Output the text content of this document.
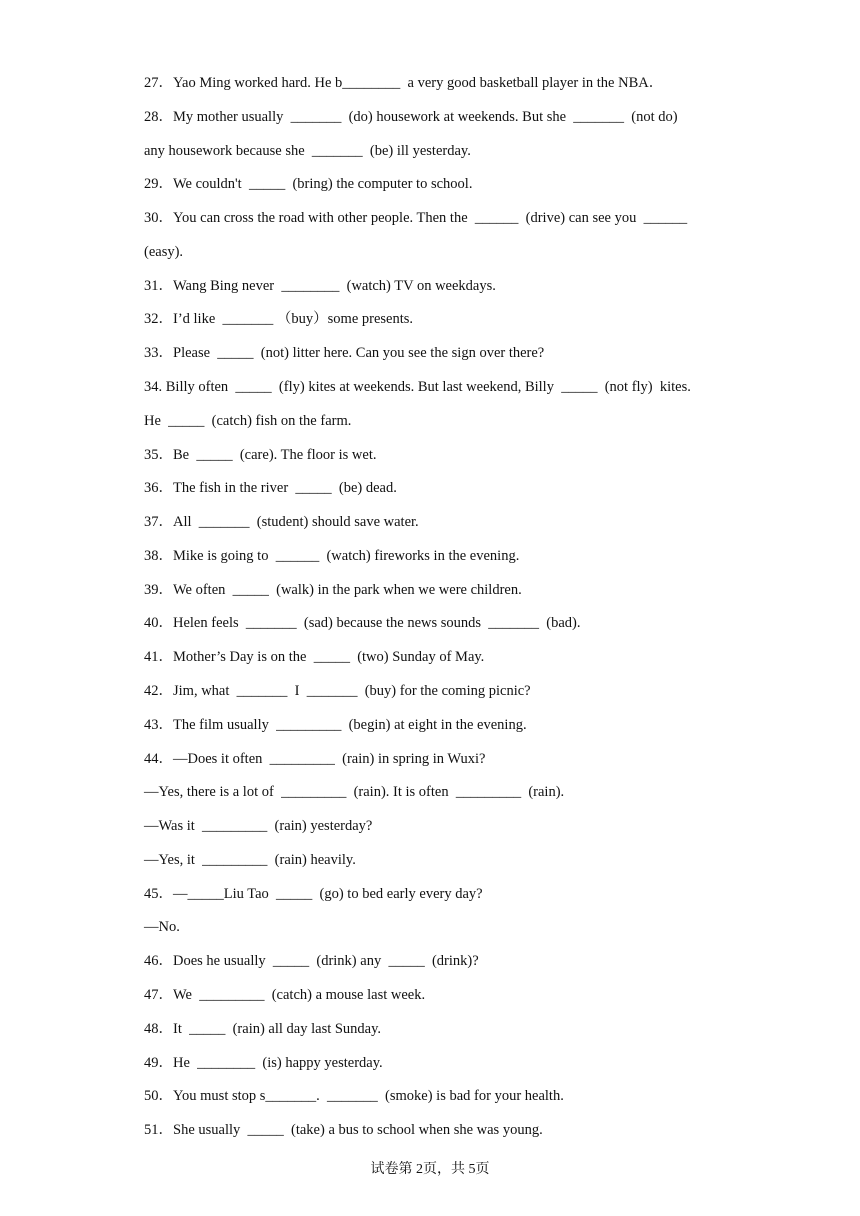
27．Yao Ming worked hard. He b________  a very good basketball player in the NBA．
28．My mother usually  _______  (do) housework at weekends. But she  _______  (not do)
any housework because she  _______  (be) ill yesterday.
29．We couldn't  _____  (bring) the computer to school.
30．You can cross the road with other people. Then the  ______  (drive) can see you  ______
(easy).
31．Wang Bing never  ________  (watch) TV on weekdays.
32．I’d like  _______ （buy）some presents.
33．Please  _____  (not) litter here. Can you see the sign over there?
34. Billy often  _____  (fly) kites at weekends. But last weekend, Billy  _____  (not fly)  kites.
He  _____  (catch) fish on the farm.
35．Be  _____  (care). The floor is wet.
36．The fish in the river  _____  (be) dead.
37．All  _______  (student) should save water.
38．Mike is going to  ______  (watch) fireworks in the evening.
39．We often  _____  (walk) in the park when we were children.
40．Helen feels  _______  (sad) because the news sounds  _______  (bad).
41．Mother’s Day is on the  _____  (two) Sunday of May.
42．Jim, what  _______  I  _______  (buy) for the coming picnic?
43．The film usually  _________  (begin) at eight in the evening.
44．—Does it often  _________  (rain) in spring in Wuxi?
—Yes, there is a lot of  _________  (rain). It is often  _________  (rain).
—Was it  _________  (rain) yesterday?
—Yes, it  _________  (rain) heavily.
45．—_____Liu Tao  _____  (go) to bed early every day?
—No.
46．Does he usually  _____  (drink) any  _____  (drink)?
47．We  _________  (catch) a mouse last week.
48．It  _____  (rain) all day last Sunday.
49．He  ________  (is) happy yesterday.
50．You must stop s_______.  _______  (smoke) is bad for your health.
51．She usually  _____  (take) a bus to school when she was young.
试卷第 2页，共 5页
